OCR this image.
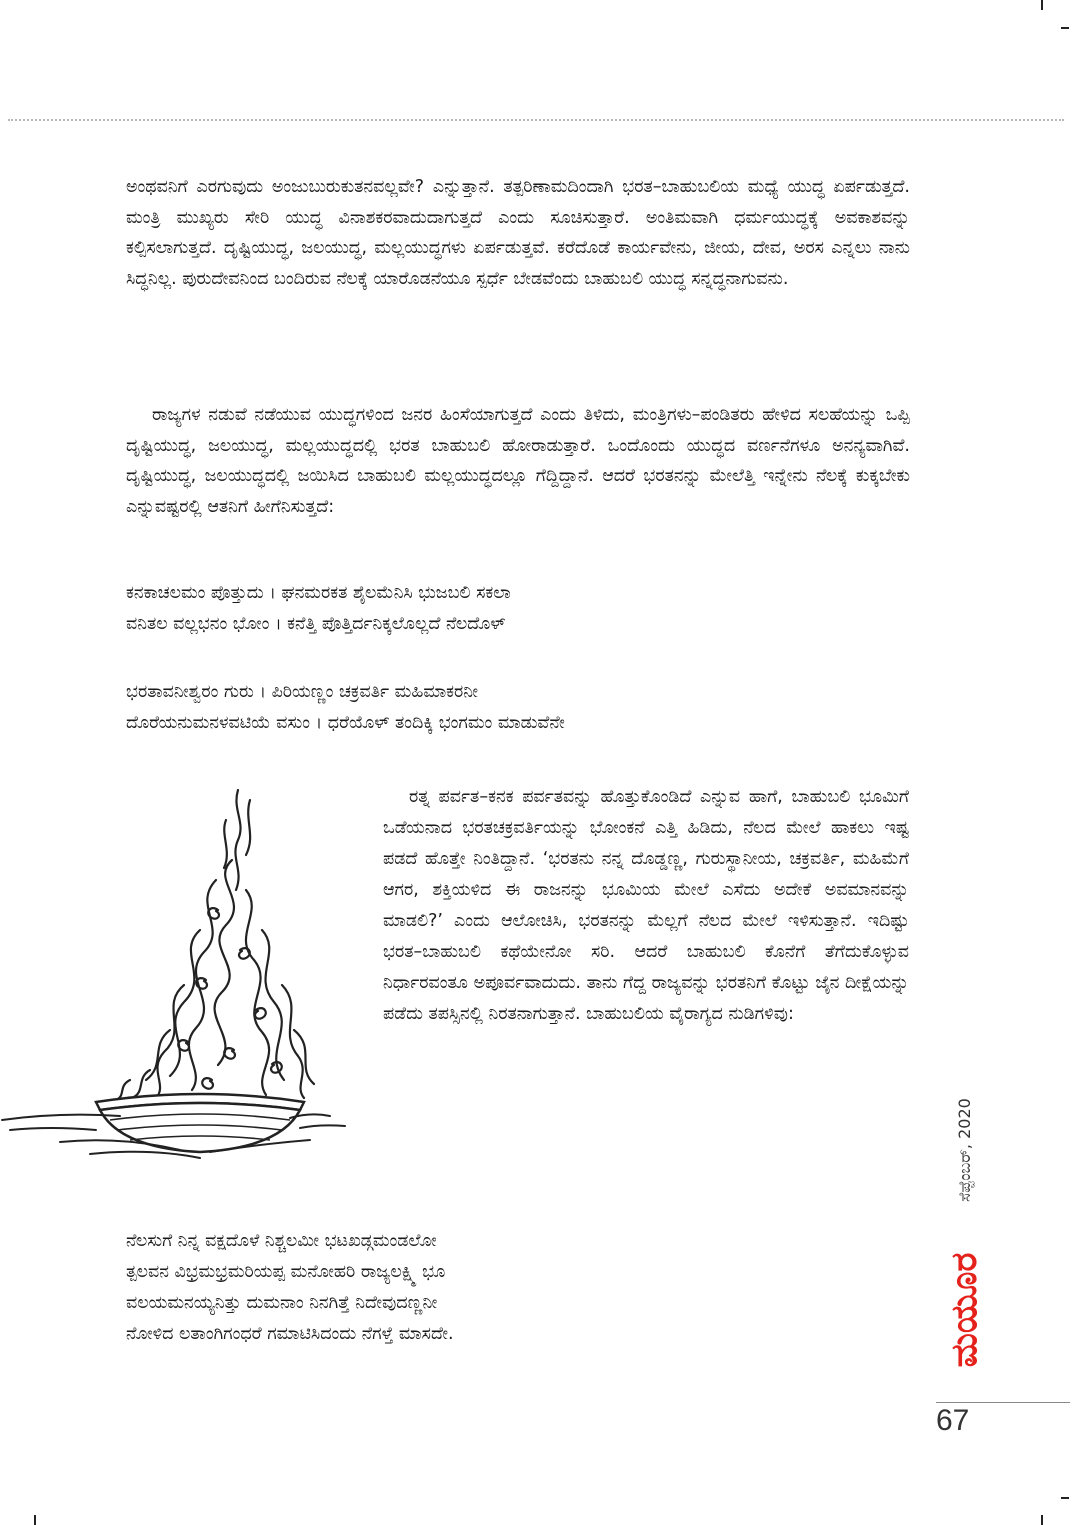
ಅಂಥವನಿಗೆ ಎರಗುವುದು ಅಂಜುಬುರುಕುತನವಲ್ಲವೇ? ಎನ್ನುತ್ತಾನೆ. ತತ್ಪರಿಣಾಮದಿಂದಾಗಿ ಭರತ–ಬಾಹುಬಲಿಯ ಮಧ್ಯೆ ಯುದ್ಧ ಏರ್ಪಡುತ್ತದೆ. ಮಂತ್ರಿ ಮುಖ್ಯರು ಸೇರಿ ಯುದ್ಧ ವಿನಾಶಕರವಾದುದಾಗುತ್ತದೆ ಎಂದು ಸೂಚಿಸುತ್ತಾರೆ. ಅಂತಿಮವಾಗಿ ಧರ್ಮಯುದ್ಧಕ್ಕೆ ಅವಕಾಶವನ್ನು ಕಲ್ಪಿಸಲಾಗುತ್ತದೆ. ದೃಷ್ಟಿಯುದ್ಧ, ಜಲಯುದ್ಧ, ಮಲ್ಲಯುದ್ಧಗಳು ಏರ್ಪಡುತ್ತವೆ. ಕರೆದೊಡೆ ಕಾರ್ಯವೇನು, ಜೀಯ, ದೇವ, ಅರಸ ಎನ್ನಲು ನಾನು ಸಿದ್ಧನಿಲ್ಲ. ಪುರುದೇವನಿಂದ ಬಂದಿರುವ ನೆಲಕ್ಕೆ ಯಾರೊಡನೆಯೂ ಸ್ಪರ್ಧೆ ಬೇಡವೆಂದು ಬಾಹುಬಲಿ ಯುದ್ಧ ಸನ್ನದ್ಧನಾಗುವನು.

ರಾಜ್ಯಗಳ ನಡುವೆ ನಡೆಯುವ ಯುದ್ಧಗಳಿಂದ ಜನರ ಹಿಂಸೆಯಾಗುತ್ತದೆ ಎಂದು ತಿಳಿದು, ಮಂತ್ರಿಗಳು–ಪಂಡಿತರು ಹೇಳಿದ ಸಲಹೆಯನ್ನು ಒಪ್ಪಿ ದೃಷ್ಟಿಯುದ್ಧ, ಜಲಯುದ್ಧ, ಮಲ್ಲಯುದ್ಧದಲ್ಲಿ ಭರತ ಬಾಹುಬಲಿ ಹೋರಾಡುತ್ತಾರೆ. ಒಂದೊಂದು ಯುದ್ಧದ ವರ್ಣನೆಗಳೂ ಅನನ್ಯವಾಗಿವೆ. ದೃಷ್ಟಿಯುದ್ಧ, ಜಲಯುದ್ಧದಲ್ಲಿ ಜಯಿಸಿದ ಬಾಹುಬಲಿ ಮಲ್ಲಯುದ್ಧದಲ್ಲೂ ಗೆದ್ದಿದ್ದಾನೆ. ಆದರೆ ಭರತನನ್ನು ಮೇಲೆತ್ತಿ ಇನ್ನೇನು ನೆಲಕ್ಕೆ ಕುಕ್ಕಬೇಕು ಎನ್ನುವಷ್ಟರಲ್ಲಿ ಆತನಿಗೆ ಹೀಗೆನಿಸುತ್ತದೆ:

ಕನಕಾಚಲಮಂ ಪೊತ್ತುದು । ಘನಮರಕತ ಶೈಲಮೆನಿಸಿ ಭುಜಬಲಿ ಸಕಲಾ
ವನಿತಲ ವಲ್ಲಭನಂ ಭೋಂ । ಕನೆತ್ತಿ ಪೊತ್ತಿರ್ದನಿಕ್ಕಲೊಲ್ಲದೆ ನೆಲದೊಳ್
ಭರತಾವನೀಶ್ವರಂ ಗುರು । ಪಿರಿಯಣ್ಣಂ ಚಕ್ರವರ್ತಿ ಮಹಿಮಾಕರನೀ
ದೊರೆಯನುಮನಳವಟಿಯೆ ವಸುಂ । ಧರೆಯೊಳ್ ತಂದಿಕ್ಕಿ ಭಂಗಮಂ ಮಾಡುವೆನೇ

ರತ್ನ ಪರ್ವತ–ಕನಕ ಪರ್ವತವನ್ನು ಹೊತ್ತುಕೊಂಡಿದೆ ಎನ್ನುವ ಹಾಗೆ, ಬಾಹುಬಲಿ ಭೂಮಿಗೆ ಒಡೆಯನಾದ ಭರತಚಕ್ರವರ್ತಿಯನ್ನು ಭೋಂಕನೆ ಎತ್ತಿ ಹಿಡಿದು, ನೆಲದ ಮೇಲೆ ಹಾಕಲು ಇಷ್ಟ ಪಡದೆ ಹೊತ್ತೇ ನಿಂತಿದ್ದಾನೆ. ‘ಭರತನು ನನ್ನ ದೊಡ್ಡಣ್ಣ, ಗುರುಸ್ಥಾನೀಯ, ಚಕ್ರವರ್ತಿ, ಮಹಿಮೆಗೆ ಆಗರ, ಶಕ್ತಿಯಳಿದ ಈ ರಾಜನನ್ನು ಭೂಮಿಯ ಮೇಲೆ ಎಸೆದು ಅದೇಕೆ ಅವಮಾನವನ್ನು ಮಾಡಲಿ?’ ಎಂದು ಆಲೋಚಿಸಿ, ಭರತನನ್ನು ಮೆಲ್ಲಗೆ ನೆಲದ ಮೇಲೆ ಇಳಿಸುತ್ತಾನೆ. ಇದಿಷ್ಟು ಭರತ–ಬಾಹುಬಲಿ ಕಥೆಯೇನೋ ಸರಿ. ಆದರೆ ಬಾಹುಬಲಿ ಕೊನೆಗೆ ತೆಗೆದುಕೊಳ್ಳುವ ನಿರ್ಧಾರವಂತೂ ಅಪೂರ್ವವಾದುದು. ತಾನು ಗೆದ್ದ ರಾಜ್ಯವನ್ನು ಭರತನಿಗೆ ಕೊಟ್ಟು ಜೈನ ದೀಕ್ಷೆಯನ್ನು ಪಡೆದು ತಪಸ್ಸಿನಲ್ಲಿ ನಿರತನಾಗುತ್ತಾನೆ. ಬಾಹುಬಲಿಯ ವೈರಾಗ್ಯದ ನುಡಿಗಳಿವು:

ಸೆಪ್ಟೆಂಬರ್, 2020
ಮಯೂರ
ನೆಲಸುಗೆ ನಿನ್ನ ವಕ್ಷದೊಳೆ ನಿಶ್ಚಲಮೀ ಭಟಖಡ್ಗಮಂಡಲೋ
ತ್ಪಲವನ ವಿಭ್ರಮಭ್ರಮರಿಯಪ್ಪ ಮನೋಹರಿ ರಾಜ್ಯಲಕ್ಷ್ಮಿ ಭೂ
ವಲಯಮನಯ್ಯನಿತ್ತು ದುಮನಾಂ ನಿನಗಿತ್ತೆ ನಿದೇವುದಣ್ಣನೀ
ನೋಳಿದ ಲತಾಂಗಿಗಂಧರೆ ಗಮಾಟಿಸಿದಂದು ನೆಗಳ್ತೆ ಮಾಸದೇ.
67
